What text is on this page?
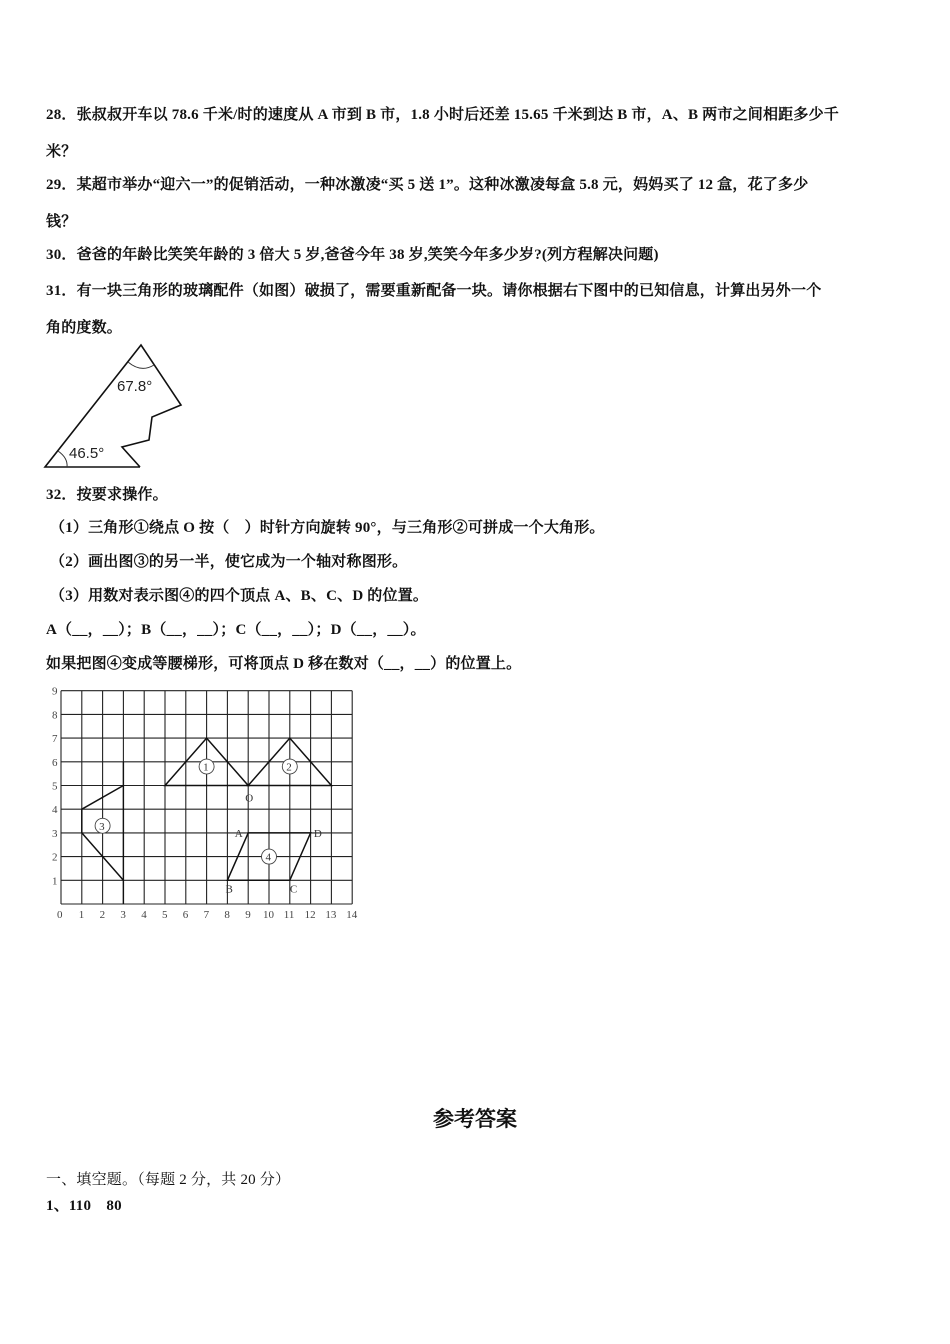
28．张叔叔开车以 78.6 千米/时的速度从 A 市到 B 市，1.8 小时后还差 15.65 千米到达 B 市，A、B 两市之间相距多少千
米？
29．某超市举办“迎六一”的促销活动，一种冰激凌“买 5 送 1”。这种冰激凌每盒 5.8 元，妈妈买了 12 盒，花了多少
钱？
30．爸爸的年龄比笑笑年龄的 3 倍大 5 岁,爸爸今年 38 岁,笑笑今年多少岁?(列方程解决问题)
31．有一块三角形的玻璃配件（如图）破损了，需要重新配备一块。请你根据右下图中的已知信息，计算出另外一个
角的度数。
67.8°
46.5°
32．按要求操作。
（1）三角形①绕点 O 按（　）时针方向旋转 90°，与三角形②可拼成一个大角形。
（2）画出图③的另一半，使它成为一个轴对称图形。
（3）用数对表示图④的四个顶点 A、B、C、D 的位置。
A（__，__）；B（__，__）；C（__，__）；D（__，__）。
如果把图④变成等腰梯形，可将顶点 D 移在数对（__，__）的位置上。
0 1 2 3 4 5 6 7 8 9 10 11 12 13 14
1
2
3
4
5
6
7
8
9
1	2
3
4
O
A
B	C
D
参考答案
一、填空题。（每题 2 分，共 20 分）
1、110　80
